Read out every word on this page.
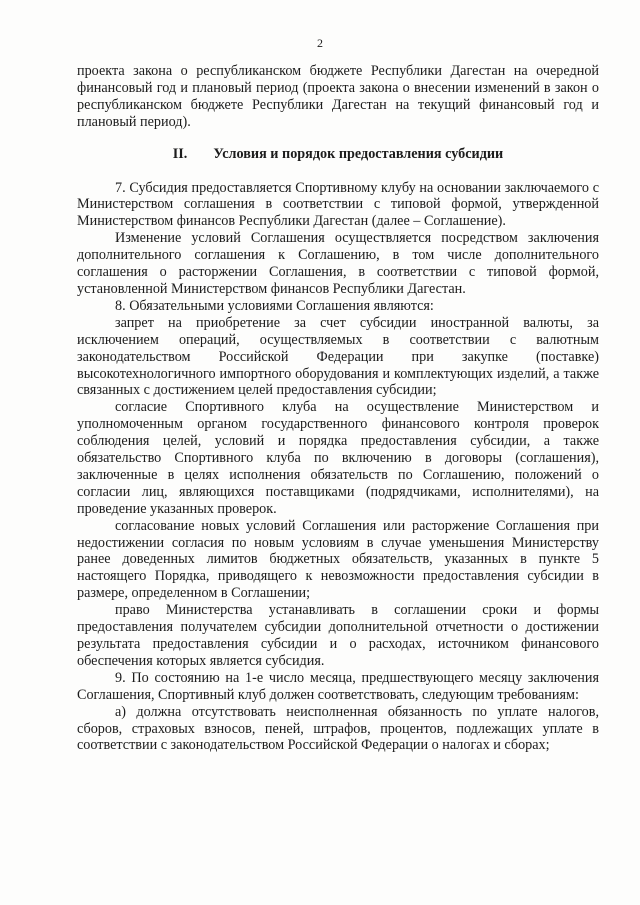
2

проекта закона о республиканском бюджете Республики Дагестан на очередной финансовый год и плановый период (проекта закона о внесении изменений в закон о республиканском бюджете Республики Дагестан на текущий финансовый год и плановый период).

II. Условия и порядок предоставления субсидии

7. Субсидия предоставляется Спортивному клубу на основании заключаемого с Министерством соглашения в соответствии с типовой формой, утвержденной Министерством финансов Республики Дагестан (далее – Соглашение).

Изменение условий Соглашения осуществляется посредством заключения дополнительного соглашения к Соглашению, в том числе дополнительного соглашения о расторжении Соглашения, в соответствии с типовой формой, установленной Министерством финансов Республики Дагестан.

8. Обязательными условиями Соглашения являются:

запрет на приобретение за счет субсидии иностранной валюты, за исключением операций, осуществляемых в соответствии с валютным законодательством Российской Федерации при закупке (поставке) высокотехнологичного импортного оборудования и комплектующих изделий, а также связанных с достижением целей предоставления субсидии;

согласие Спортивного клуба на осуществление Министерством и уполномоченным органом государственного финансового контроля проверок соблюдения целей, условий и порядка предоставления субсидии, а также обязательство Спортивного клуба по включению в договоры (соглашения), заключенные в целях исполнения обязательств по Соглашению, положений о согласии лиц, являющихся поставщиками (подрядчиками, исполнителями), на проведение указанных проверок.

согласование новых условий Соглашения или расторжение Соглашения при недостижении согласия по новым условиям в случае уменьшения Министерству ранее доведенных лимитов бюджетных обязательств, указанных в пункте 5 настоящего Порядка, приводящего к невозможности предоставления субсидии в размере, определенном в Соглашении;

право Министерства устанавливать в соглашении сроки и формы предоставления получателем субсидии дополнительной отчетности о достижении результата предоставления субсидии и о расходах, источником финансового обеспечения которых является субсидия.

9. По состоянию на 1-е число месяца, предшествующего месяцу заключения Соглашения, Спортивный клуб должен соответствовать, следующим требованиям:

а) должна отсутствовать неисполненная обязанность по уплате налогов, сборов, страховых взносов, пеней, штрафов, процентов, подлежащих уплате в соответствии с законодательством Российской Федерации о налогах и сборах;
